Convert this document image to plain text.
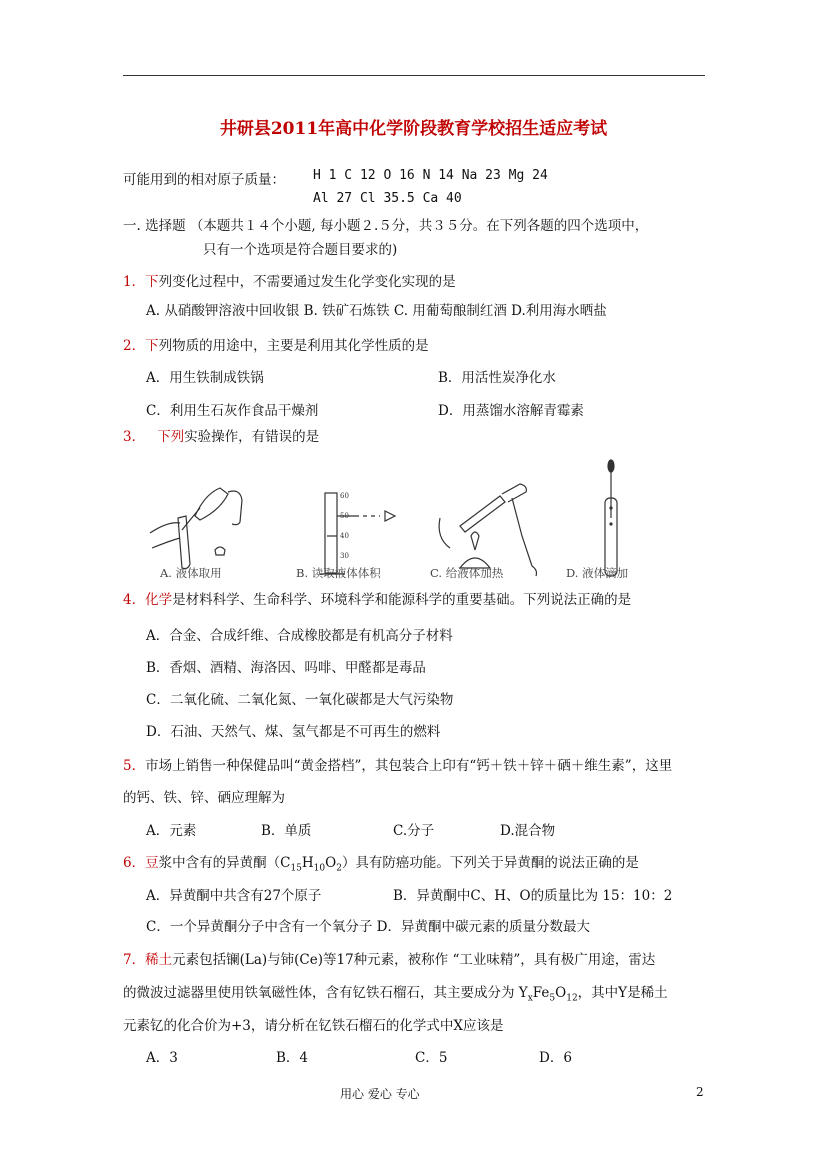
井研县2011年高中化学阶段教育学校招生适应考试
可能用到的相对原子质量： H 1 C 12 O 16 N 14 Na 23 Mg 24
Al 27 Cl 35.5 Ca 40
一. 选择题 （本题共１４个小题, 每小题２.５分，共３５分。在下列各题的四个选项中，
只有一个选项是符合题目要求的)
1．下列变化过程中，不需要通过发生化学变化实现的是
A. 从硝酸钾溶液中回收银 B. 铁矿石炼铁 C. 用葡萄酿制红酒 D.利用海水晒盐
2．下列物质的用途中，主要是利用其化学性质的是
A．用生铁制成铁锅	B．用活性炭净化水
C．利用生石灰作食品干燥剂	D．用蒸馏水溶解青霉素
3． 下列实验操作，有错误的是
60
50
40
30
A. 液体取用	B. 读取液体体积	C. 给液体加热	D. 液体滴加
4．化学是材料科学、生命科学、环境科学和能源科学的重要基础。下列说法正确的是
A．合金、合成纤维、合成橡胶都是有机高分子材料
B．香烟、酒精、海洛因、吗啡、甲醛都是毒品
C．二氧化硫、二氧化氮、一氧化碳都是大气污染物
D．石油、天然气、煤、氢气都是不可再生的燃料
5．市场上销售一种保健品叫“黄金搭档”，其包装合上印有“钙＋铁＋锌＋硒＋维生素”，这里
的钙、铁、锌、硒应理解为
A．元素	B．单质	C.分子	D.混合物
6．豆浆中含有的异黄酮$(C_{15}H_{10}O_2)$具有防癌功能。下列关于异黄酮的说法正确的是
A．异黄酮中共含有27个原子	B．异黄酮中C、H、O的质量比为 15：10：2
C．一个异黄酮分子中含有一个氧分子 D．异黄酮中碳元素的质量分数最大
7．稀土元素包括镧(La)与铈(Ce)等17种元素，被称作 “工业味精”，具有极广用途，雷达
的微波过滤器里使用铁氧磁性体，含有钇铁石榴石，其主要成分为 $Y_xFe_5O_{12}$，其中Y是稀土
元素钇的化合价为+3，请分析在钇铁石榴石的化学式中X应该是
A．3	B．4	C．5	D．6
用心 爱心 专心	2
